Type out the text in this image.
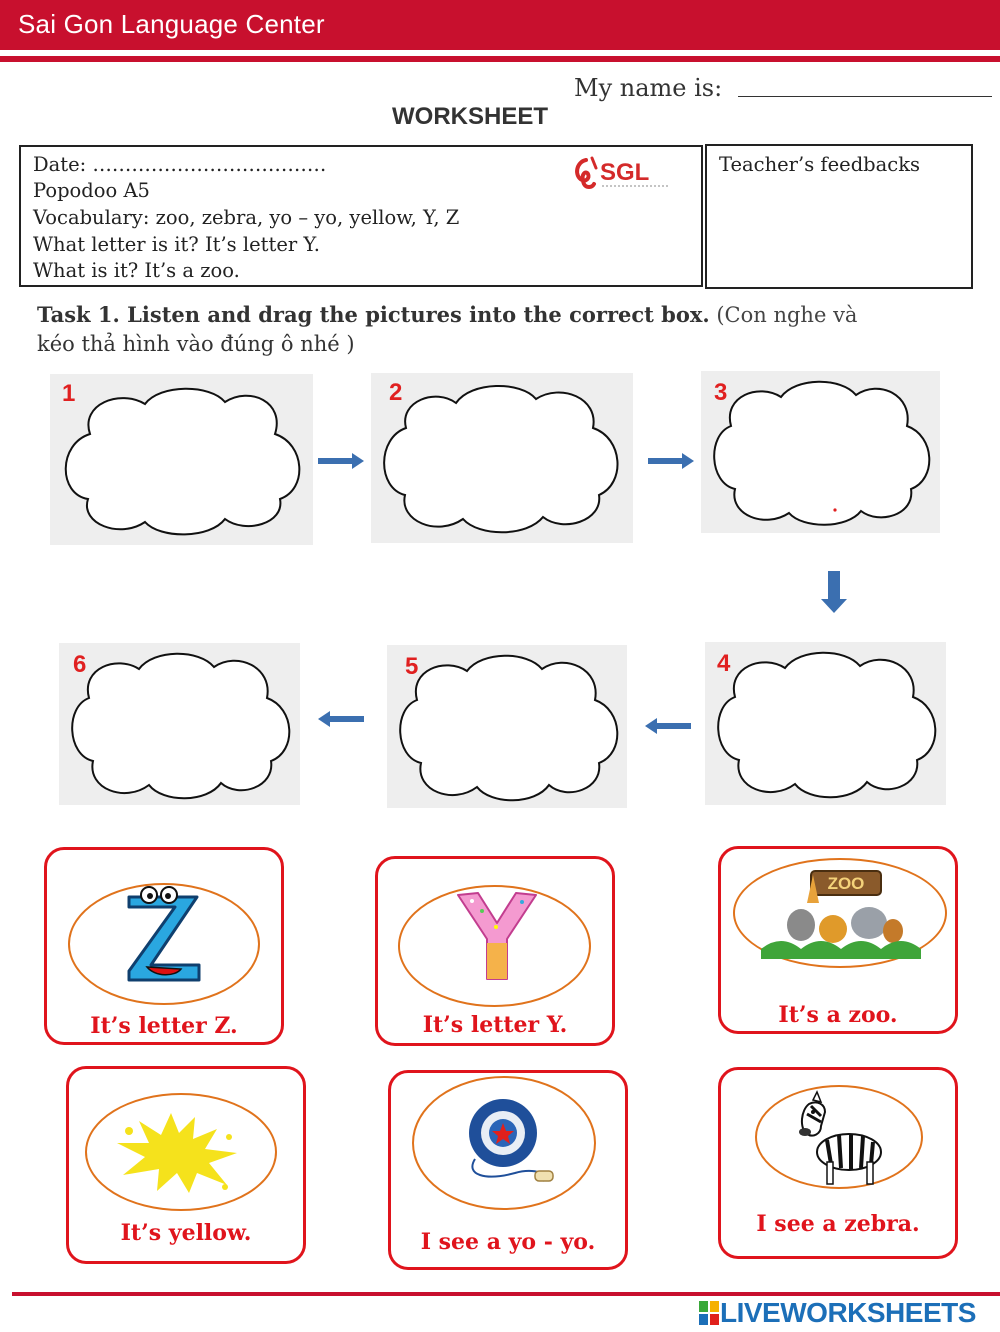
Sai Gon Language Center
My name is:
WORKSHEET
Date: ………………………………
Popodoo A5
Vocabulary: zoo, zebra, yo – yo, yellow, Y, Z
What letter is it? It’s letter Y.
What is it? It’s a zoo.
SGL	Teacher’s feedbacks
Task 1. Listen and drag the pictures into the correct box. (Con nghe và
kéo thả hình vào đúng ô nhé )
1	2	3
4
5
6
It’s letter Z.	It’s letter Y.
ZOO
It’s a zoo.
It’s yellow.	I see a yo - yo.
I see a zebra.
LIVEWORKSHEETS
